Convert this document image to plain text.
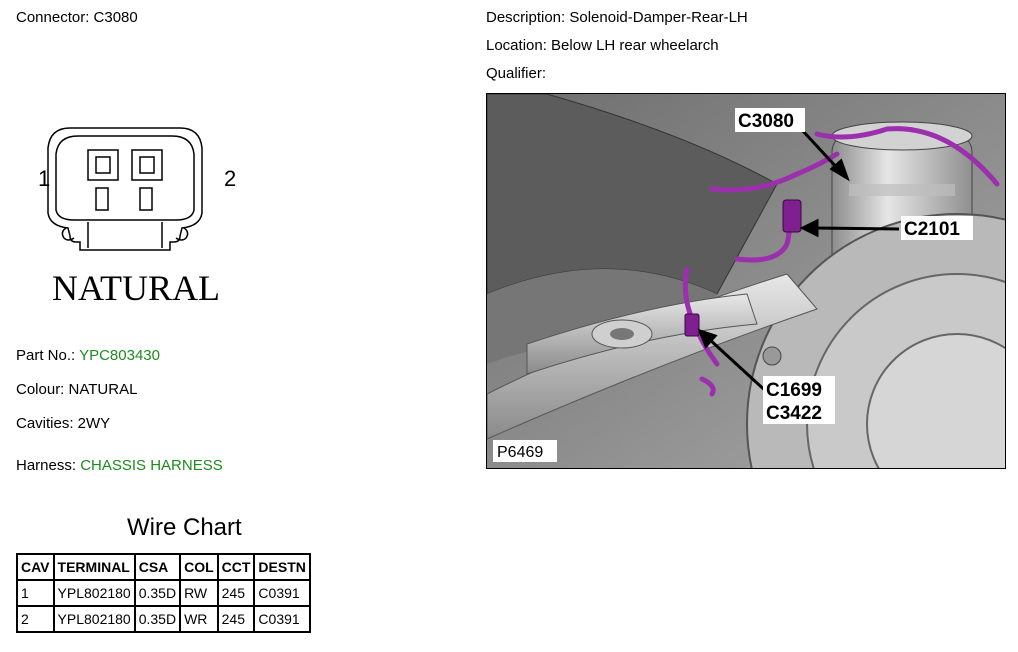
Connector: C3080
1	2
NATURAL
Part No.: YPC803430
Colour: NATURAL
Cavities: 2WY
Harness: CHASSIS HARNESS
Wire Chart
CAV	TERMINAL	CSA	COL	CCT	DESTN
1	YPL802180	0.35D	RW	245	C0391
2	YPL802180	0.35D	WR	245	C0391
Description: Solenoid-Damper-Rear-LH
Location: Below LH rear wheelarch
Qualifier:
C3080
C2101
C1699
C3422
P6469
